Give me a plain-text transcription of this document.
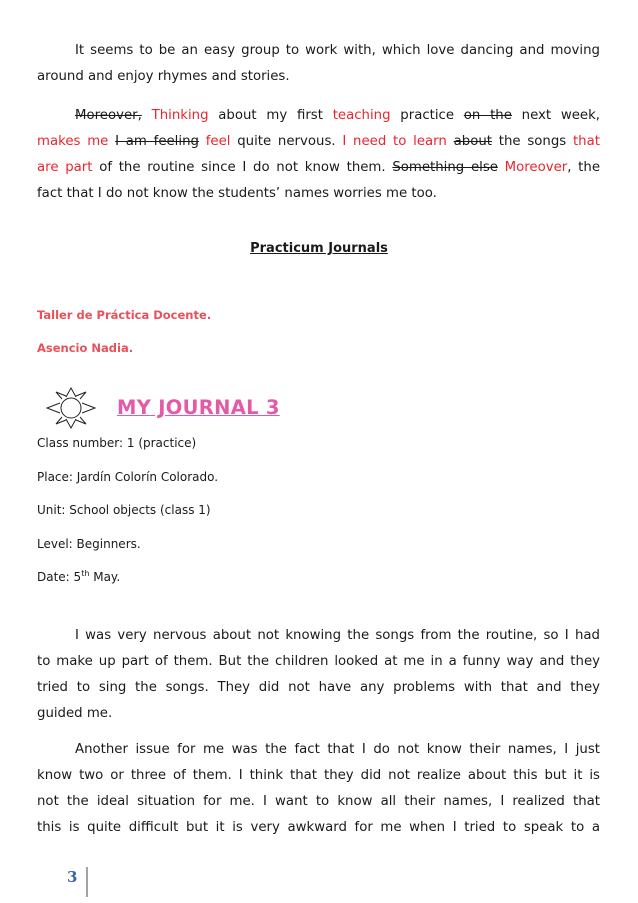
It seems to be an easy group to work with, which love dancing and moving
around and enjoy rhymes and stories.
Moreover, Thinking about my first teaching practice on the next week,
makes me I am feeling feel quite nervous. I need to learn about the songs that
are part of the routine since I do not know them. Something else Moreover, the
fact that I do not know the students’ names worries me too.

Practicum Journals

Taller de Práctica Docente.

Asencio Nadia.

MY JOURNAL 3

Class number: 1 (practice)

Place: Jardín Colorín Colorado.

Unit: School objects (class 1)

Level: Beginners.

Date: 5th May.

I was very nervous about not knowing the songs from the routine, so I had
to make up part of them. But the children looked at me in a funny way and they
tried to sing the songs. They did not have any problems with that and they
guided me.
Another issue for me was the fact that I do not know their names, I just
know two or three of them. I think that they did not realize about this but it is
not the ideal situation for me. I want to know all their names, I realized that
this is quite difficult but it is very awkward for me when I tried to speak to a
3
